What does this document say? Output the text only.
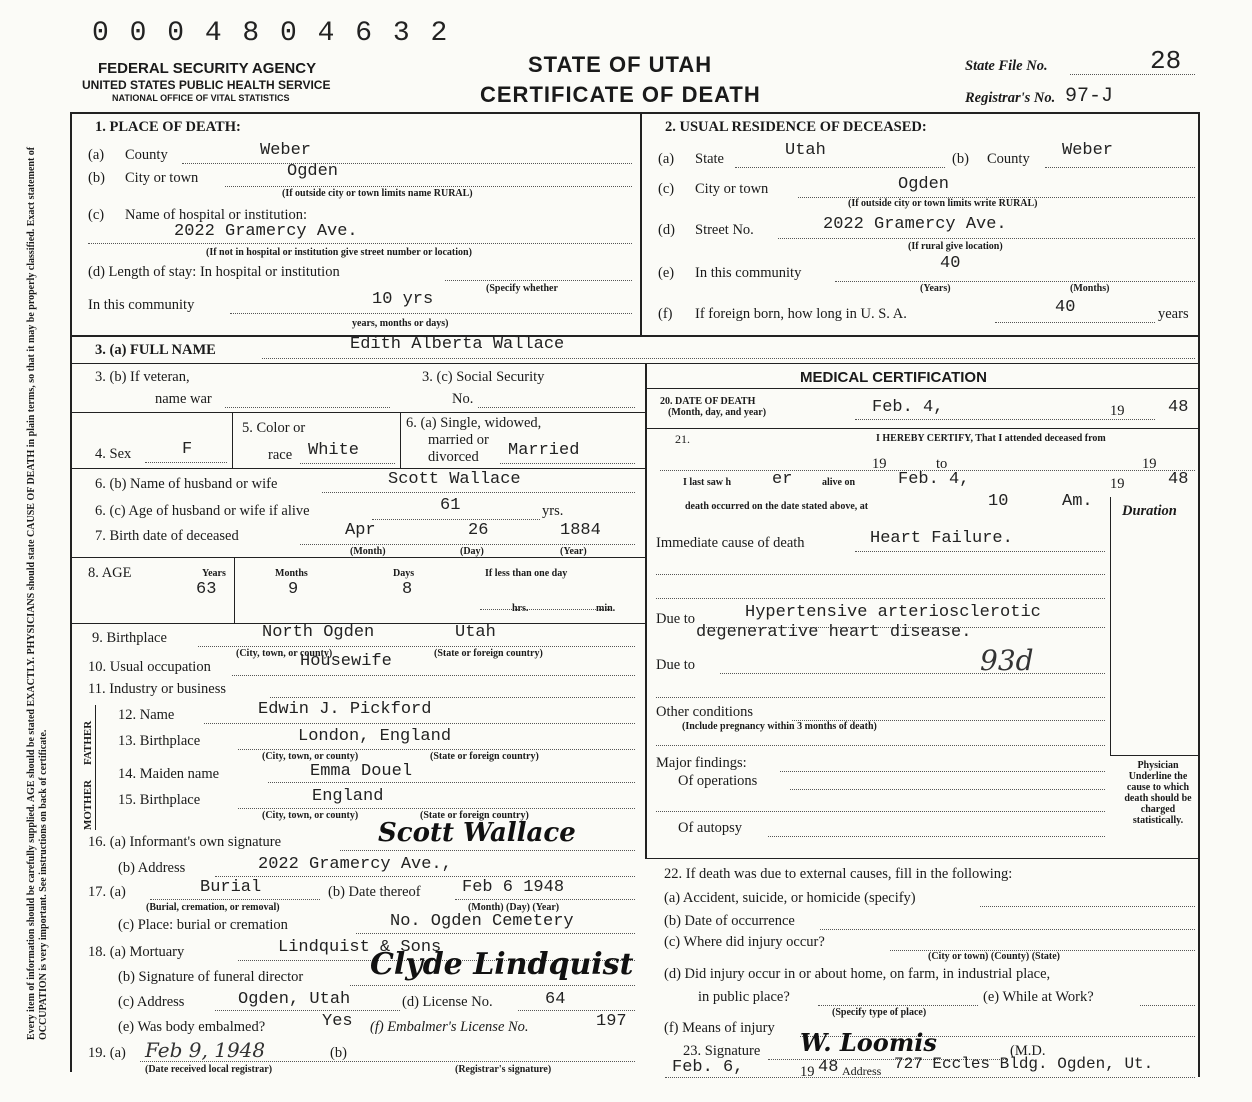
0 0 0 4 8 0 4 6 3 2
FEDERAL SECURITY AGENCY
UNITED STATES PUBLIC HEALTH SERVICE
NATIONAL OFFICE OF VITAL STATISTICS
STATE OF UTAH
CERTIFICATE OF DEATH
State File No.	28
Registrar's No. 97-J
Every item of information should be carefully supplied. AGE should be stated EXACTLY. PHYSICIANS should state CAUSE OF DEATH in plain terms, so that it may be properly classified. Exact statement of OCCUPATION is very important. See instructions on back of certificate.
1. PLACE OF DEATH:
(a) County	Weber
(b) City or town	Ogden
(If outside city or town limits name RURAL)
(c) Name of hospital or institution:
2022 Gramercy Ave.
(If not in hospital or institution give street number or location)
(d) Length of stay: In hospital or institution
(Specify whether
In this community	10 yrs
years, months or days)
2. USUAL RESIDENCE OF DECEASED:
(a) State	Utah	(b) County Weber
(c) City or town	Ogden
(If outside city or town limits write RURAL)
(d) Street No.	2022 Gramercy Ave.
(If rural give location)
(e) In this community	40
(Years)	(Months)
(f) If foreign born, how long in U. S. A.	40	years
3. (a) FULL NAME	Edith Alberta Wallace
3. (b) If veteran,
name war
3. (c) Social Security
No.
4. Sex	F
5. Color or
race White
6. (a) Single, widowed,
married or
divorced Married
6. (b) Name of husband or wife	Scott Wallace
6. (c) Age of husband or wife if alive	61	yrs.
7. Birth date of deceased	Apr	26	1884
(Month)	(Day)	(Year)
8. AGE	Years	Months	Days	If less than one day
63	9	8
hrs.	min.
9. Birthplace	North Ogden	Utah
(City, town, or county)	(State or foreign country)
10. Usual occupation	Housewife
11. Industry or business
FATHER
MOTHER
12. Name	Edwin J. Pickford
13. Birthplace	London, England
(City, town, or county)	(State or foreign country)
14. Maiden name	Emma Douel
15. Birthplace	England
(City, town, or county)	(State or foreign country)
16. (a) Informant's own signature	Scott Wallace
(b) Address	2022 Gramercy Ave.,
17. (a)	Burial	(b) Date thereof Feb 6 1948
(Burial, cremation, or removal)	(Month) (Day) (Year)
(c) Place: burial or cremation	No. Ogden Cemetery
18. (a) Mortuary	Lindquist & Sons
(b) Signature of funeral director Clyde Lindquist
(c) Address	Ogden, Utah	(d) License No.	64
(e) Was body embalmed?	Yes (f) Embalmer's License No.	197
19. (a) Feb 9, 1948	(b)
(Date received local registrar)	(Registrar's signature)
MEDICAL CERTIFICATION
20. DATE OF DEATH
(Month, day, and year)	Feb. 4,	19	48
21.	I HEREBY CERTIFY, That I attended deceased from
19	to	19
I last saw h er	alive on	Feb. 4,	19	48
death occurred on the date stated above, at	10	Am. Duration
Immediate cause of death	Heart Failure.
Due to	Hypertensive arteriosclerotic
degenerative heart disease.
Due to	93d
Other conditions
(Include pregnancy within 3 months of death)
Major findings:
Of operations
Of autopsy
Physician Underline the cause to which death should be charged statistically.
22. If death was due to external causes, fill in the following:
(a) Accident, suicide, or homicide (specify)
(b) Date of occurrence
(c) Where did injury occur?
(City or town) (County) (State)
(d) Did injury occur in or about home, on farm, in industrial place,
in public place?
(Specify type of place)
(e) While at Work?
(f) Means of injury
23. Signature W. Loomis	(M.D.
Feb. 6,	19 48 Address 727 Eccles Bldg. Ogden, Ut.
